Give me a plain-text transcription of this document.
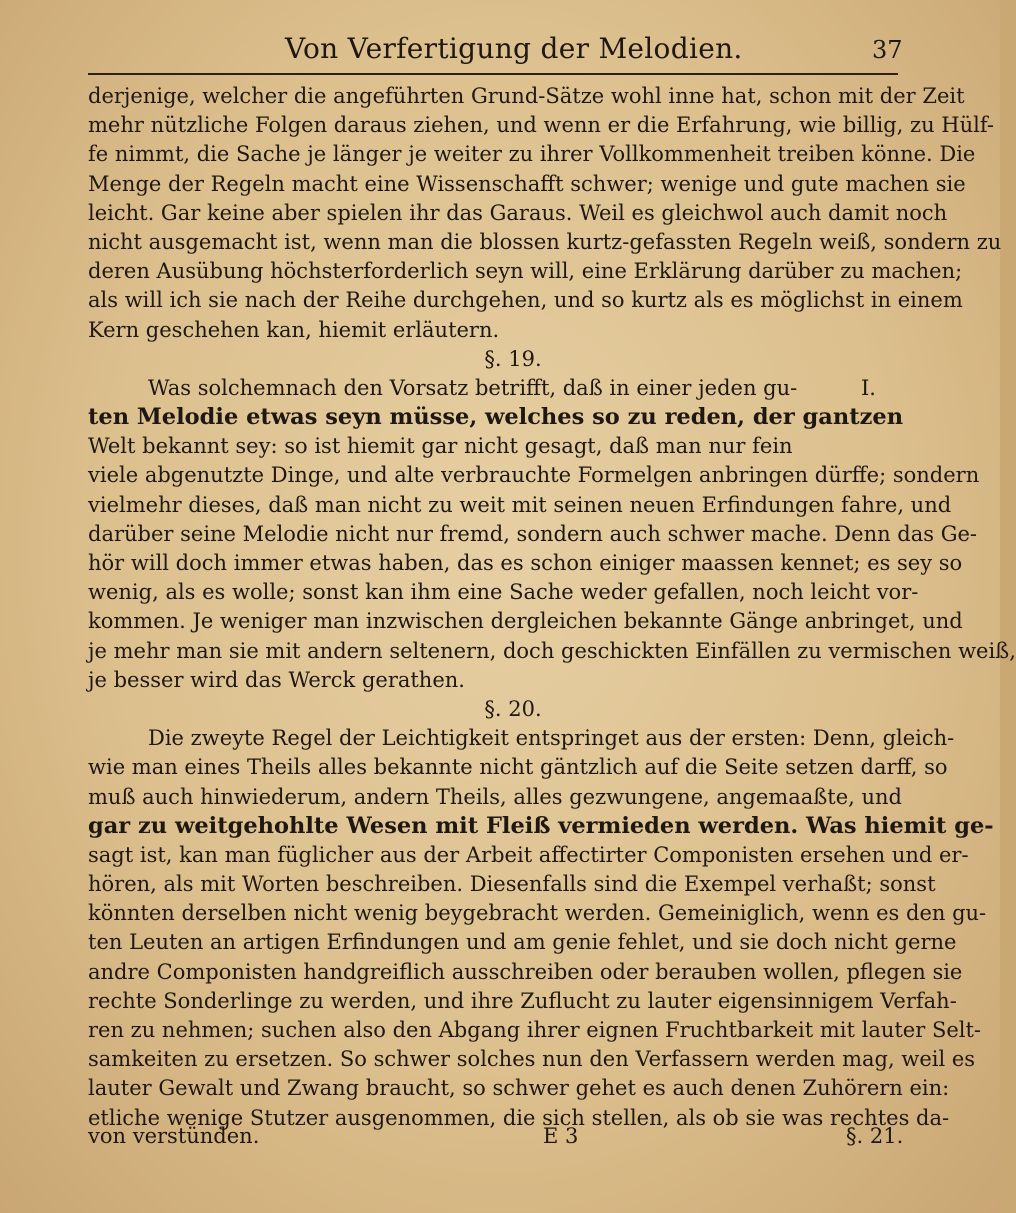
Von Verfertigung der Melodien.	37
derjenige, welcher die angeführten Grund-Sätze wohl inne hat, schon mit der Zeit
mehr nützliche Folgen daraus ziehen, und wenn er die Erfahrung, wie billig, zu Hülf-
fe nimmt, die Sache je länger je weiter zu ihrer Vollkommenheit treiben könne. Die
Menge der Regeln macht eine Wissenschafft schwer; wenige und gute machen sie
leicht. Gar keine aber spielen ihr das Garaus. Weil es gleichwol auch damit noch
nicht ausgemacht ist, wenn man die blossen kurtz-gefassten Regeln weiß, sondern zu
deren Ausübung höchsterforderlich seyn will, eine Erklärung darüber zu machen;
als will ich sie nach der Reihe durchgehen, und so kurtz als es möglichst in einem
Kern geschehen kan, hiemit erläutern.
§. 19.
Was solchemnach den Vorsatz betrifft, daß in einer jeden gu-	I.
ten Melodie etwas seyn müsse, welches so zu reden, der gantzen
Welt bekannt sey: so ist hiemit gar nicht gesagt, daß man nur fein
viele abgenutzte Dinge, und alte verbrauchte Formelgen anbringen dürffe; sondern
vielmehr dieses, daß man nicht zu weit mit seinen neuen Erfindungen fahre, und
darüber seine Melodie nicht nur fremd, sondern auch schwer mache. Denn das Ge-
hör will doch immer etwas haben, das es schon einiger maassen kennet; es sey so
wenig, als es wolle; sonst kan ihm eine Sache weder gefallen, noch leicht vor-
kommen. Je weniger man inzwischen dergleichen bekannte Gänge anbringet, und
je mehr man sie mit andern seltenern, doch geschickten Einfällen zu vermischen weiß,
je besser wird das Werck gerathen.
§. 20.
Die zweyte Regel der Leichtigkeit entspringet aus der ersten: Denn, gleich-
wie man eines Theils alles bekannte nicht gäntzlich auf die Seite setzen darff, so
muß auch hinwiederum, andern Theils, alles gezwungene, angemaaßte, und
gar zu weitgehohlte Wesen mit Fleiß vermieden werden. Was hiemit ge-
sagt ist, kan man füglicher aus der Arbeit affectirter Componisten ersehen und er-
hören, als mit Worten beschreiben. Diesenfalls sind die Exempel verhaßt; sonst
könnten derselben nicht wenig beygebracht werden. Gemeiniglich, wenn es den gu-
ten Leuten an artigen Erfindungen und am genie fehlet, und sie doch nicht gerne
andre Componisten handgreiflich ausschreiben oder berauben wollen, pflegen sie
rechte Sonderlinge zu werden, und ihre Zuflucht zu lauter eigensinnigem Verfah-
ren zu nehmen; suchen also den Abgang ihrer eignen Fruchtbarkeit mit lauter Selt-
samkeiten zu ersetzen. So schwer solches nun den Verfassern werden mag, weil es
lauter Gewalt und Zwang braucht, so schwer gehet es auch denen Zuhörern ein:
etliche wenige Stutzer ausgenommen, die sich stellen, als ob sie was rechtes da-
von verstünden.	E 3	§. 21.
